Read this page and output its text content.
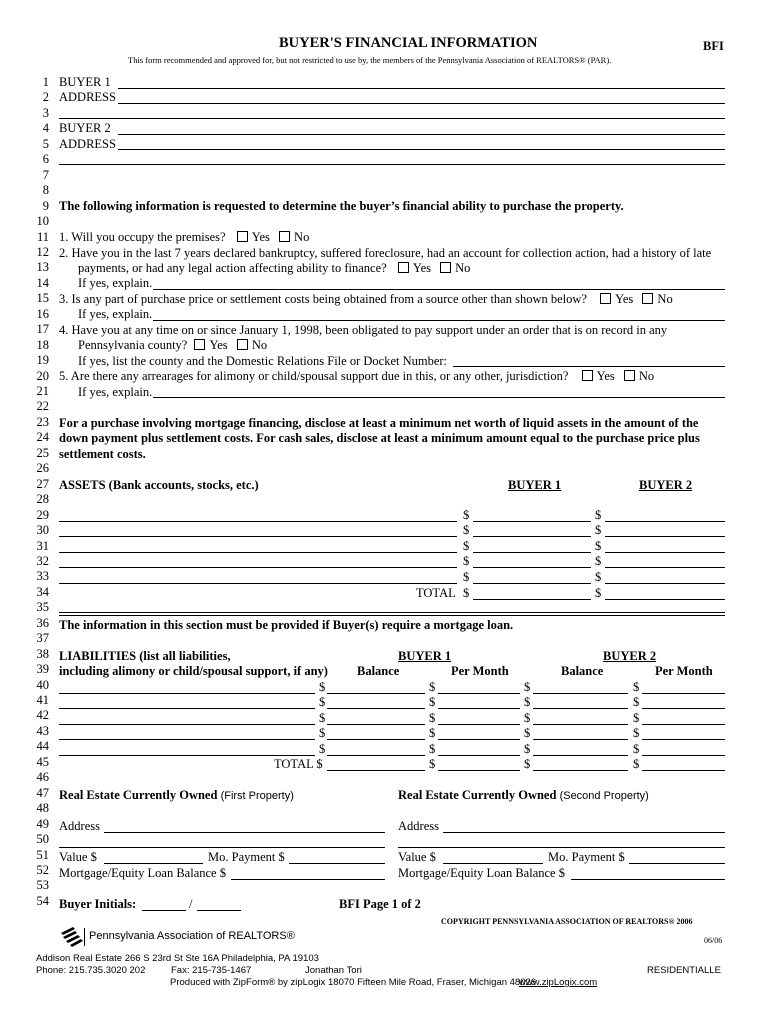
BUYER'S FINANCIAL INFORMATION	BFI
This form recommended and approved for, but not restricted to use by, the members of the Pennsylvania Association of REALTORS® (PAR).
1
2
3
4
5
6
7
8
9
10
11
12
13
14
15
16
17
18
19
20
21
22
23
24
25
26
27
28
29
30
31
32
33
34
35
36
37
38
39
40
41
42
43
44
45
46
47
48
49
50
51
52
53
54
BUYER 1
ADDRESS
BUYER 2
ADDRESS
The following information is requested to determine the buyer’s financial ability to purchase the property.
1. Will you occupy the premises? Yes No
2. Have you in the last 7 years declared bankruptcy, suffered foreclosure, had an account for collection action, had a history of late
payments, or had any legal action affecting ability to finance? Yes No
If yes, explain.
3. Is any part of purchase price or settlement costs being obtained from a source other than shown below? Yes No
If yes, explain.
4. Have you at any time on or since January 1, 1998, been obligated to pay support under an order that is on record in any
Pennsylvania county? Yes No
If yes, list the county and the Domestic Relations File or Docket Number:
5. Are there any arrearages for alimony or child/spousal support due in this, or any other, jurisdiction? Yes No
If yes, explain.
For a purchase involving mortgage financing, disclose at least a minimum net worth of liquid assets in the amount of the
down payment plus settlement costs. For cash sales, disclose at least a minimum amount equal to the purchase price plus
settlement costs.
ASSETS (Bank accounts, stocks, etc.)	BUYER 1	BUYER 2
$	$
$	$
$	$
$	$
$	$
TOTAL $	$
The information in this section must be provided if Buyer(s) require a mortgage loan.
LIABILITIES (list all liabilities,
including alimony or child/spousal support, if any)
BUYER 1	BUYER 2
Balance	Per Month	Balance	Per Month
$	$	$	$
$	$	$	$
$	$	$	$
$	$	$	$
$	$	$	$
TOTAL $	$	$	$
Real Estate Currently Owned (First Property)	Real Estate Currently Owned (Second Property)
Address	Address
Value $	Mo. Payment $	Value $	Mo. Payment $
Mortgage/Equity Loan Balance $	Mortgage/Equity Loan Balance $
Buyer Initials:	/	BFI Page 1 of 2
COPYRIGHT PENNSYLVANIA ASSOCIATION OF REALTORS® 2006
06/06
Pennsylvania Association of REALTORS®
Addison Real Estate 266 S 23rd St Ste 16A Philadelphia, PA 19103
Phone: 215.735.3020 202	Fax: 215-735-1467	Jonathan Tori	RESIDENTIALLE
Produced with ZipForm® by zipLogix 18070 Fifteen Mile Road, Fraser, Michigan 48026
www.zipLogix.com
